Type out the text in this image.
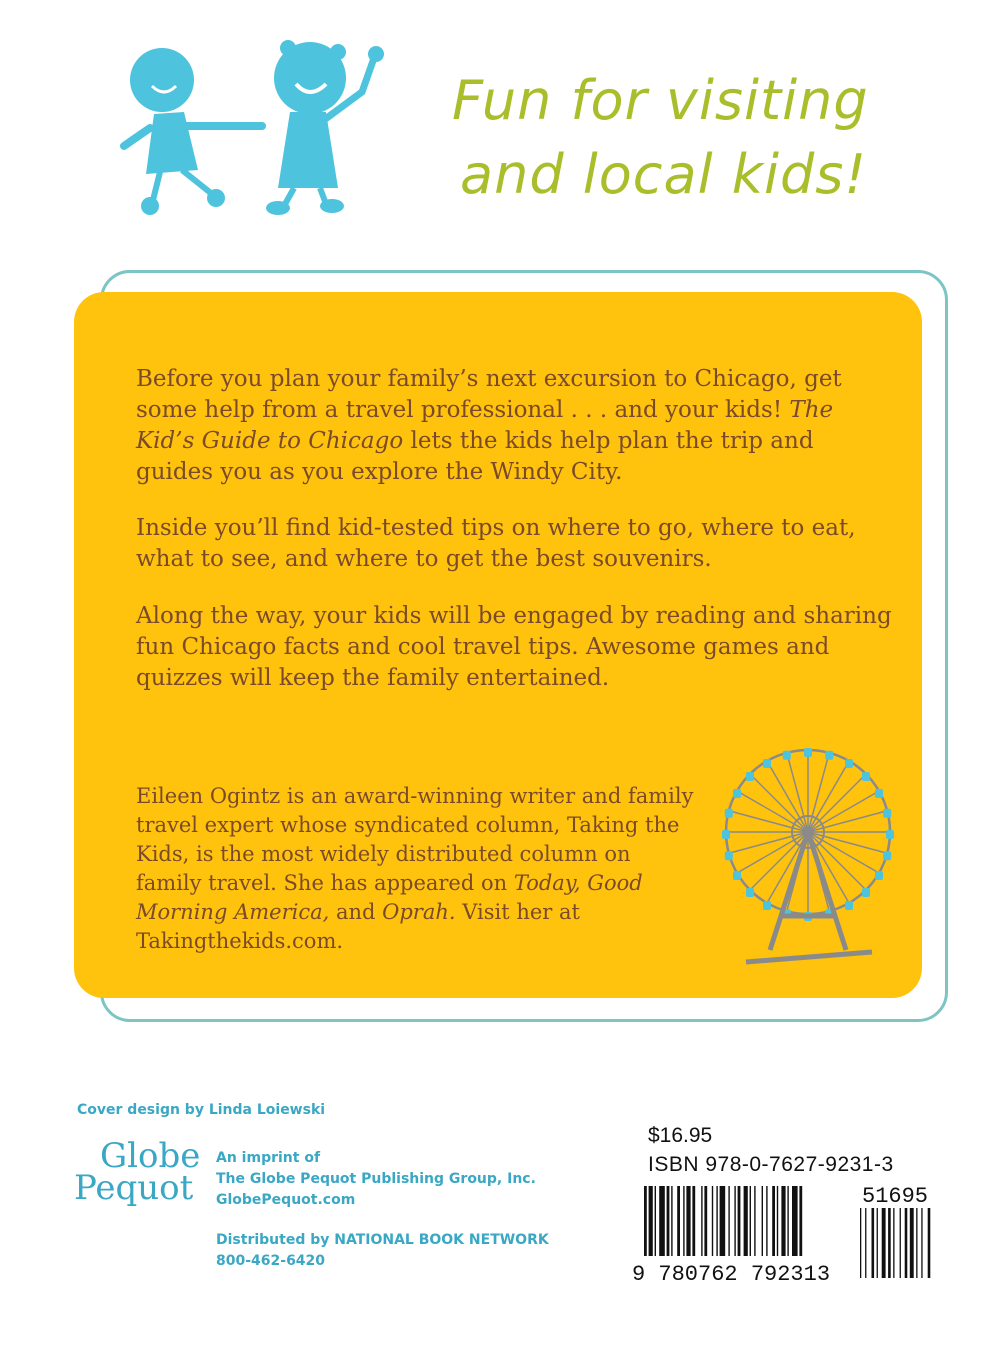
Fun for visiting
and local kids!

Before you plan your family’s next excursion to Chicago, get some help from a travel professional . . . and your kids! The Kid’s Guide to Chicago lets the kids help plan the trip and guides you as you explore the Windy City.

Inside you’ll find kid-tested tips on where to go, where to eat, what to see, and where to get the best souvenirs.

Along the way, your kids will be engaged by reading and sharing fun Chicago facts and cool travel tips. Awesome games and quizzes will keep the family entertained.

Eileen Ogintz is an award-winning writer and family travel expert whose syndicated column, Taking the Kids, is the most widely distributed column on family travel. She has appeared on Today, Good Morning America, and Oprah. Visit her at Takingthekids.com.

Cover design by Linda Loiewski
Globe
Pequot
An imprint of
The Globe Pequot Publishing Group, Inc.
GlobePequot.com
Distributed by NATIONAL BOOK NETWORK
800-462-6420
$16.95
ISBN 978-0-7627-9231-3
9 780762 792313
51695
